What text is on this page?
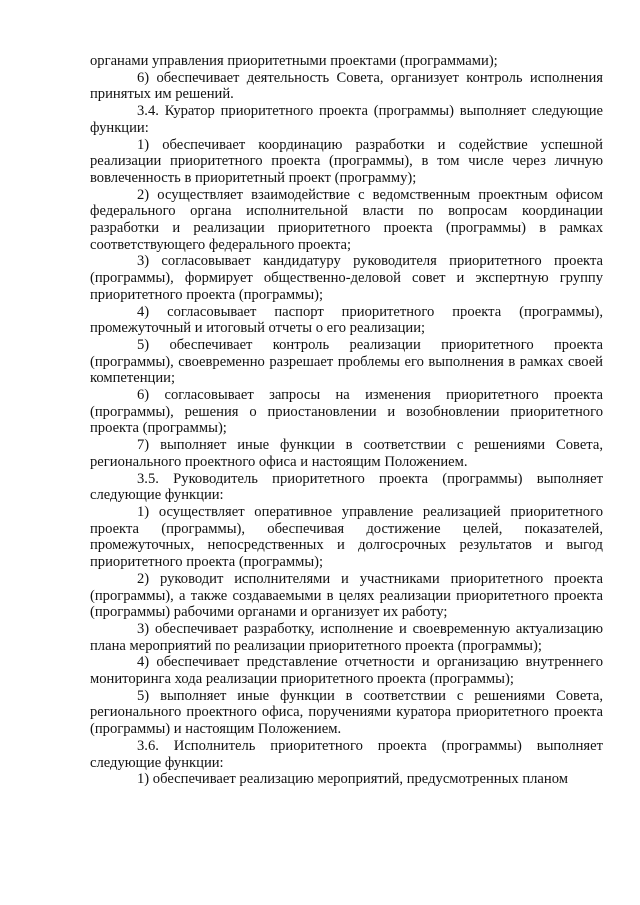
органами управления приоритетными проектами (программами);

6) обеспечивает деятельность Совета, организует контроль исполнения принятых им решений.

3.4. Куратор приоритетного проекта (программы) выполняет следующие функции:

1) обеспечивает координацию разработки и содействие успешной реализации приоритетного проекта (программы), в том числе через личную вовлеченность в приоритетный проект (программу);

2) осуществляет взаимодействие с ведомственным проектным офисом федерального органа исполнительной власти по вопросам координации разработки и реализации приоритетного проекта (программы) в рамках соответствующего федерального проекта;

3) согласовывает кандидатуру руководителя приоритетного проекта (программы), формирует общественно-деловой совет и экспертную группу приоритетного проекта (программы);

4) согласовывает паспорт приоритетного проекта (программы), промежуточный и итоговый отчеты о его реализации;

5) обеспечивает контроль реализации приоритетного проекта (программы), своевременно разрешает проблемы его выполнения в рамках своей компетенции;

6) согласовывает запросы на изменения приоритетного проекта (программы), решения о приостановлении и возобновлении приоритетного проекта (программы);

7) выполняет иные функции в соответствии с решениями Совета, регионального проектного офиса и настоящим Положением.

3.5. Руководитель приоритетного проекта (программы) выполняет следующие функции:

1) осуществляет оперативное управление реализацией приоритетного проекта (программы), обеспечивая достижение целей, показателей, промежуточных, непосредственных и долгосрочных результатов и выгод приоритетного проекта (программы);

2) руководит исполнителями и участниками приоритетного проекта (программы), а также создаваемыми в целях реализации приоритетного проекта (программы) рабочими органами и организует их работу;

3) обеспечивает разработку, исполнение и своевременную актуализацию плана мероприятий по реализации приоритетного проекта (программы);

4) обеспечивает представление отчетности и организацию внутреннего мониторинга хода реализации приоритетного проекта (программы);

5) выполняет иные функции в соответствии с решениями Совета, регионального проектного офиса, поручениями куратора приоритетного проекта (программы) и настоящим Положением.

3.6. Исполнитель приоритетного проекта (программы) выполняет следующие функции:

1) обеспечивает реализацию мероприятий, предусмотренных планом
